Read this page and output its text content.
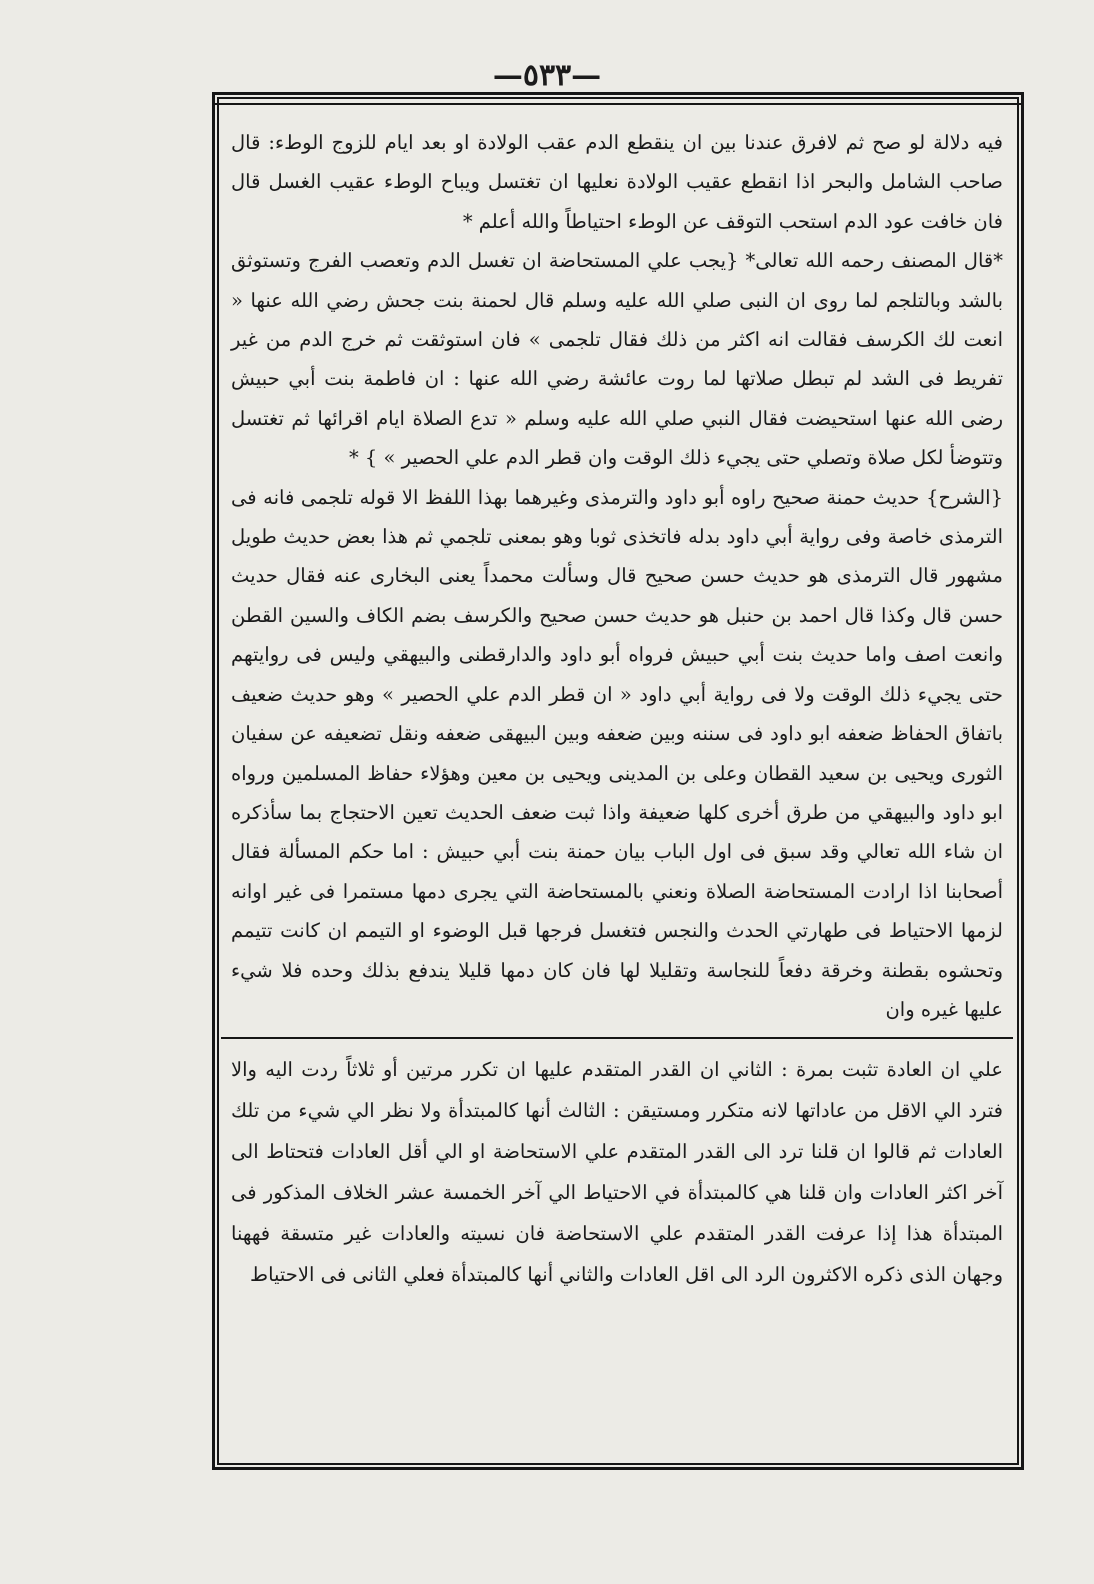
—٥٣٣—

فيه دلالة لو صح ثم لافرق عندنا بين ان ينقطع الدم عقب الولادة او بعد ايام للزوج الوطء: قال صاحب الشامل والبحر اذا انقطع عقيب الولادة نعليها ان تغتسل ويباح الوطء عقيب الغسل قال فان خافت عود الدم استحب التوقف عن الوطء احتياطاً والله أعلم *

*قال المصنف رحمه الله تعالى* {يجب علي المستحاضة ان تغسل الدم وتعصب الفرج وتستوثق بالشد وبالتلجم لما روى ان النبى صلي الله عليه وسلم قال لحمنة بنت جحش رضي الله عنها « انعت لك الكرسف فقالت انه اكثر من ذلك فقال تلجمى » فان استوثقت ثم خرج الدم من غير تفريط فى الشد لم تبطل صلاتها لما روت عائشة رضي الله عنها : ان فاطمة بنت أبي حبيش رضى الله عنها استحيضت فقال النبي صلي الله عليه وسلم « تدع الصلاة ايام اقرائها ثم تغتسل وتتوضأ لكل صلاة وتصلي حتى يجيء ذلك الوقت وان قطر الدم علي الحصير » } *

{الشرح} حديث حمنة صحيح راوه أبو داود والترمذى وغيرهما بهذا اللفظ الا قوله تلجمى فانه فى الترمذى خاصة وفى رواية أبي داود بدله فاتخذى ثوبا وهو بمعنى تلجمي ثم هذا بعض حديث طويل مشهور قال الترمذى هو حديث حسن صحيح قال وسألت محمداً يعنى البخارى عنه فقال حديث حسن قال وكذا قال احمد بن حنبل هو حديث حسن صحيح والكرسف بضم الكاف والسين القطن وانعت اصف واما حديث بنت أبي حبيش فرواه أبو داود والدارقطنى والبيهقي وليس فى روايتهم حتى يجيء ذلك الوقت ولا فى رواية أبي داود « ان قطر الدم علي الحصير » وهو حديث ضعيف باتفاق الحفاظ ضعفه ابو داود فى سننه وبين ضعفه وبين البيهقى ضعفه ونقل تضعيفه عن سفيان الثورى ويحيى بن سعيد القطان وعلى بن المدينى ويحيى بن معين وهؤلاء حفاظ المسلمين ورواه ابو داود والبيهقي من طرق أخرى كلها ضعيفة واذا ثبت ضعف الحديث تعين الاحتجاج بما سأذكره ان شاء الله تعالي وقد سبق فى اول الباب بيان حمنة بنت أبي حبيش : اما حكم المسألة فقال أصحابنا اذا ارادت المستحاضة الصلاة ونعني بالمستحاضة التي يجرى دمها مستمرا فى غير اوانه لزمها الاحتياط فى طهارتي الحدث والنجس فتغسل فرجها قبل الوضوء او التيمم ان كانت تتيمم وتحشوه بقطنة وخرقة دفعاً للنجاسة وتقليلا لها فان كان دمها قليلا يندفع بذلك وحده فلا شيء عليها غيره وان

علي ان العادة تثبت بمرة : الثاني ان القدر المتقدم عليها ان تكرر مرتين أو ثلاثاً ردت اليه والا فترد الي الاقل من عاداتها لانه متكرر ومستيقن : الثالث أنها كالمبتدأة ولا نظر الي شيء من تلك العادات ثم قالوا ان قلنا ترد الى القدر المتقدم علي الاستحاضة او الي أقل العادات فتحتاط الى آخر اكثر العادات وان قلنا هي كالمبتدأة في الاحتياط الي آخر الخمسة عشر الخلاف المذكور فى المبتدأة هذا إذا عرفت القدر المتقدم علي الاستحاضة فان نسيته والعادات غير متسقة فههنا وجهان الذى ذكره الاكثرون الرد الى اقل العادات والثاني أنها كالمبتدأة فعلي الثانى فى الاحتياط
